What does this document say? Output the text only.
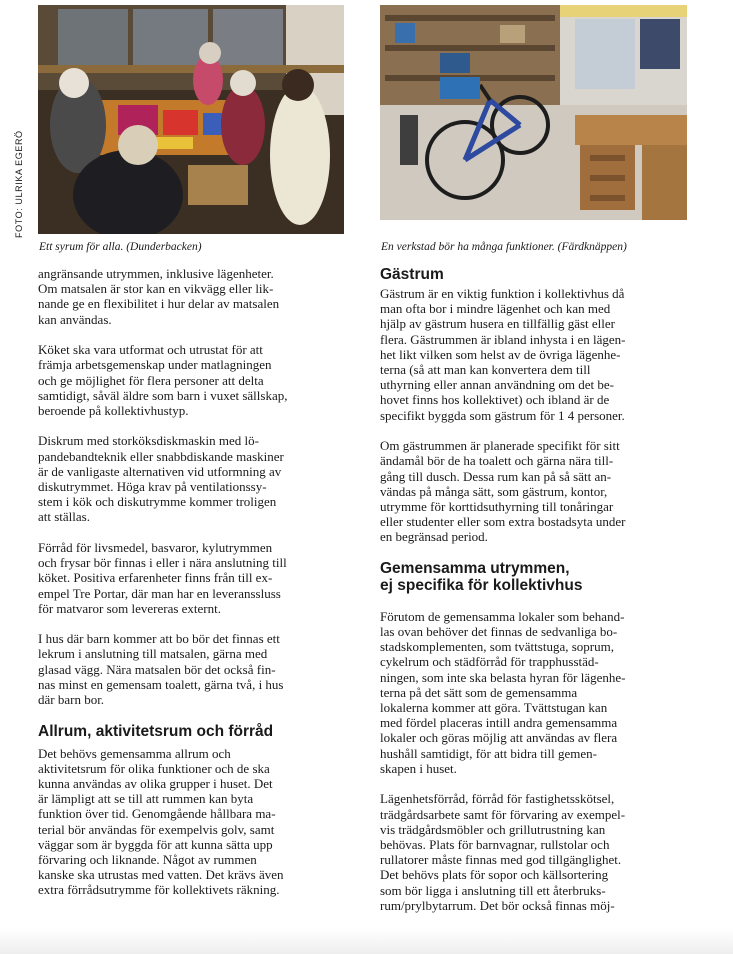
FOTO: ULRIKA EGERÖ
Ett syrum för alla. (Dunderbacken)	En verkstad bör ha många funktioner. (Färdknäppen)

angränsande utrymmen, inklusive lägenheter.
Om matsalen är stor kan en vikvägg eller lik-
nande ge en flexibilitet i hur delar av matsalen
kan användas.

Köket ska vara utformat och utrustat för att
främja arbetsgemenskap under matlagningen
och ge möjlighet för flera personer att delta
samtidigt, såväl äldre som barn i vuxet sällskap,
beroende på kollektivhustyp.

Diskrum med storköksdiskmaskin med lö-
pandebandteknik eller snabbdiskande maskiner
är de vanligaste alternativen vid utformning av
diskutrymmet. Höga krav på ventilationssy-
stem i kök och diskutrymme kommer troligen
att ställas.

Förråd för livsmedel, basvaror, kylutrymmen
och frysar bör finnas i eller i nära anslutning till
köket. Positiva erfarenheter finns från till ex-
empel Tre Portar, där man har en leveranssluss
för matvaror som levereras externt.

I hus där barn kommer att bo bör det finnas ett
lekrum i anslutning till matsalen, gärna med
glasad vägg. Nära matsalen bör det också fin-
nas minst en gemensam toalett, gärna två, i hus
där barn bor.

Allrum, aktivitetsrum och förråd

Det behövs gemensamma allrum och
aktivitetsrum för olika funktioner och de ska
kunna användas av olika grupper i huset. Det
är lämpligt att se till att rummen kan byta
funktion över tid. Genomgående hållbara ma-
terial bör användas för exempelvis golv, samt
väggar som är byggda för att kunna sätta upp
förvaring och liknande. Något av rummen
kanske ska utrustas med vatten. Det krävs även
extra förrådsutrymme för kollektivets räkning.

Gästrum

Gästrum är en viktig funktion i kollektivhus då
man ofta bor i mindre lägenhet och kan med
hjälp av gästrum husera en tillfällig gäst eller
flera. Gästrummen är ibland inhysta i en lägen-
het likt vilken som helst av de övriga lägenhe-
terna (så att man kan konvertera dem till
uthyrning eller annan användning om det be-
hovet finns hos kollektivet) och ibland är de
specifikt byggda som gästrum för 1 4 personer.

Om gästrummen är planerade specifikt för sitt
ändamål bör de ha toalett och gärna nära till-
gång till dusch. Dessa rum kan på så sätt an-
vändas på många sätt, som gästrum, kontor,
utrymme för korttidsuthyrning till tonåringar
eller studenter eller som extra bostadsyta under
en begränsad period.

Gemensamma utrymmen,
ej specifika för kollektivhus

Förutom de gemensamma lokaler som behand-
las ovan behöver det finnas de sedvanliga bo-
stadskomplementen, som tvättstuga, soprum,
cykelrum och städförråd för trapphusstäd-
ningen, som inte ska belasta hyran för lägenhe-
terna på det sätt som de gemensamma
lokalerna kommer att göra. Tvättstugan kan
med fördel placeras intill andra gemensamma
lokaler och göras möjlig att användas av flera
hushåll samtidigt, för att bidra till gemen-
skapen i huset.

Lägenhetsförråd, förråd för fastighetsskötsel,
trädgårdsarbete samt för förvaring av exempel-
vis trädgårdsmöbler och grillutrustning kan
behövas. Plats för barnvagnar, rullstolar och
rullatorer måste finnas med god tillgänglighet.
Det behövs plats för sopor och källsortering
som bör ligga i anslutning till ett återbruks-
rum/prylbytarrum. Det bör också finnas möj-
